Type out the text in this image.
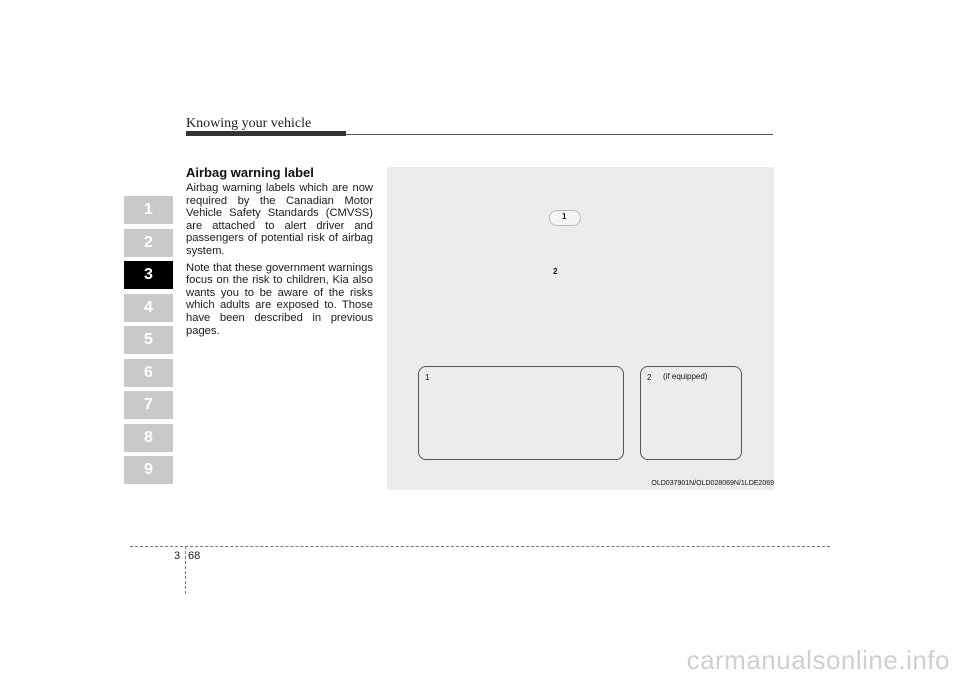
Knowing your vehicle
1
2
3
4
5
6
7
8
9
Airbag warning label

Airbag warning labels which are now required by the Canadian Motor Vehicle Safety Standards (CMVSS) are attached to alert driver and passengers of potential risk of airbag system.

Note that these government warnings focus on the risk to children, Kia also wants you to be aware of the risks which adults are exposed to. Those have been described in previous pages.

1
2
1	2 (if equipped)
OLD037901N/OLD028069N/1LDE2069
3 68
carmanualsonline.info
